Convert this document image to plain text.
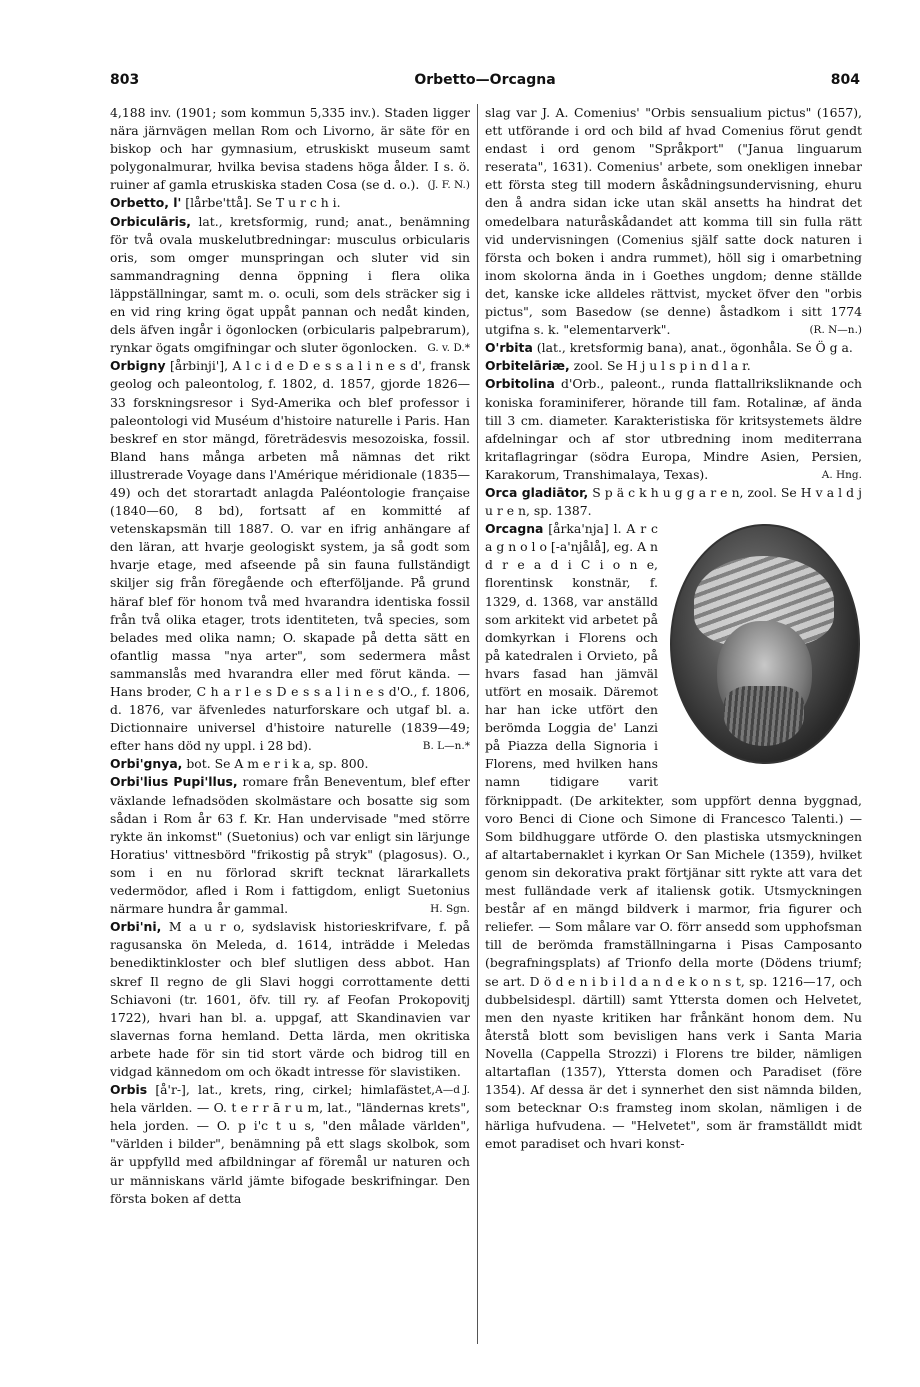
803	Orbetto—Orcagna	804

4,188 inv. (1901; som kommun 5,335 inv.). Staden ligger nära järnvägen mellan Rom och Livorno, är säte för en biskop och har gymnasium, etruskiskt museum samt polygonalmurar, hvilka bevisa stadens höga ålder. I s. ö. ruiner af gamla etruskiska staden Cosa (se d. o.). (J. F. N.)

Orbetto, l' [lårbe'ttå]. Se T u r c h i.

Orbiculāris, lat., kretsformig, rund; anat., benämning för två ovala muskelutbredningar: musculus orbicularis oris, som omger munspringan och sluter vid sin sammandragning denna öppning i flera olika läppställningar, samt m. o. oculi, som dels sträcker sig i en vid ring kring ögat uppåt pannan och nedåt kinden, dels äfven ingår i ögonlocken (orbicularis palpebrarum), rynkar ögats omgifningar och sluter ögonlocken. G. v. D.*

Orbigny [årbinji'], A l c i d e D e s s a l i n e s d', fransk geolog och paleontolog, f. 1802, d. 1857, gjorde 1826—33 forskningsresor i Syd-Amerika och blef professor i paleontologi vid Muséum d'histoire naturelle i Paris. Han beskref en stor mängd, företrädesvis mesozoiska, fossil. Bland hans många arbeten må nämnas det rikt illustrerade Voyage dans l'Amérique méridionale (1835—49) och det storartadt anlagda Paléontologie française (1840—60, 8 bd), fortsatt af en kommitté af vetenskapsmän till 1887. O. var en ifrig anhängare af den läran, att hvarje geologiskt system, ja så godt som hvarje etage, med afseende på sin fauna fullständigt skiljer sig från föregående och efterföljande. På grund häraf blef för honom två med hvarandra identiska fossil från två olika etager, trots identiteten, två species, som belades med olika namn; O. skapade på detta sätt en ofantlig massa "nya arter", som sedermera måst sammanslås med hvarandra eller med förut kända. — Hans broder, C h a r l e s D e s s a l i n e s d'O., f. 1806, d. 1876, var äfvenledes naturforskare och utgaf bl. a. Dictionnaire universel d'histoire naturelle (1839—49; efter hans död ny uppl. i 28 bd).	B. L—n.*

Orbi'gnya, bot. Se A m e r i k a, sp. 800.

Orbi'lius Pupi'llus, romare från Beneventum, blef efter växlande lefnadsöden skolmästare och bosatte sig som sådan i Rom år 63 f. Kr. Han undervisade "med större rykte än inkomst" (Suetonius) och var enligt sin lärjunge Horatius' vittnesbörd "frikostig på stryk" (plagosus). O., som i en nu förlorad skrift tecknat lärarkallets vedermödor, afled i Rom i fattigdom, enligt Suetonius närmare hundra år gammal.	H. Sgn.

Orbi'ni, M a u r o, sydslavisk historieskrifvare, f. på ragusanska ön Meleda, d. 1614, inträdde i Meledas benediktinkloster och blef slutligen dess abbot. Han skref Il regno de gli Slavi hoggi corrottamente detti Schiavoni (tr. 1601, öfv. till ry. af Feofan Prokopovitj 1722), hvari han bl. a. uppgaf, att Skandinavien var slavernas forna hemland. Detta lärda, men okritiska arbete hade för sin tid stort värde och bidrog till en vidgad kännedom om och ökadt intresse för slavistiken.
A—d J.

Orbis [å'r-], lat., krets, ring, cirkel; himlafästet, hela världen. — O. t e r r ā r u m, lat., "ländernas krets", hela jorden. — O. p i'c t u s, "den målade världen", "världen i bilder", benämning på ett slags skolbok, som är uppfylld med afbildningar af föremål ur naturen och ur människans värld jämte bifogade beskrifningar. Den första boken af detta

slag var J. A. Comenius' "Orbis sensualium pictus" (1657), ett utförande i ord och bild af hvad Comenius förut gendt endast i ord genom "Språkport" ("Janua linguarum reserata", 1631). Comenius' arbete, som onekligen innebar ett första steg till modern åskådningsundervisning, ehuru den å andra sidan icke utan skäl ansetts ha hindrat det omedelbara naturåskådandet att komma till sin fulla rätt vid undervisningen (Comenius själf satte dock naturen i första och boken i andra rummet), höll sig i omarbetning inom skolorna ända in i Goethes ungdom; denne ställde det, kanske icke alldeles rättvist, mycket öfver den "orbis pictus", som Basedow (se denne) åstadkom i sitt 1774 utgifna s. k. "elementarverk".	(R. N—n.)

O'rbita (lat., kretsformig bana), anat., ögonhåla. Se Ö g a.

Orbitelāriæ, zool. Se H j u l s p i n d l a r.

Orbitolina d'Orb., paleont., runda flattallriksliknande och koniska foraminiferer, hörande till fam. Rotalinæ, af ända till 3 cm. diameter. Karakteristiska för kritsystemets äldre afdelningar och af stor utbredning inom mediterrana kritaflagringar (södra Europa, Mindre Asien, Persien, Karakorum, Transhimalaya, Texas).	A. Hng.

Orca gladiātor, S p ä c k h u g g a r e n, zool. Se H v a l d j u r e n, sp. 1387.

Orcagna [årka'nja] l. A r c a g n o l o [-a'njålå], eg. A n d r e a d i C i o n e, florentinsk konstnär, f. 1329, d. 1368, var anställd som arkitekt vid arbetet på domkyrkan i Florens och på katedralen i Orvieto, på hvars fasad han jämväl utfört en mosaik. Däremot har han icke utfört den berömda Loggia de' Lanzi på Piazza della Signoria i Florens, med hvilken hans namn tidigare varit förknippadt. (De arkitekter, som uppfört denna byggnad, voro Benci di Cione och Simone di Francesco Talenti.) — Som bildhuggare utförde O. den plastiska utsmyckningen af altartabernaklet i kyrkan Or San Michele (1359), hvilket genom sin dekorativa prakt förtjänar sitt rykte att vara det mest fulländade verk af italiensk gotik. Utsmyckningen består af en mängd bildverk i marmor, fria figurer och reliefer. — Som målare var O. förr ansedd som upphofsman till de berömda framställningarna i Pisas Camposanto (begrafningsplats) af Trionfo della morte (Dödens triumf; se art. D ö d e n i b i l d a n d e k o n s t, sp. 1216—17, och dubbelsidespl. därtill) samt Yttersta domen och Helvetet, men den nyaste kritiken har frånkänt honom dem. Nu återstå blott som bevisligen hans verk i Santa Maria Novella (Cappella Strozzi) i Florens tre bilder, nämligen altartaflan (1357), Yttersta domen och Paradiset (före 1354). Af dessa är det i synnerhet den sist nämnda bilden, som betecknar O:s framsteg inom skolan, nämligen i de härliga hufvudena. — "Helvetet", som är framställdt midt emot paradiset och hvari konst-
